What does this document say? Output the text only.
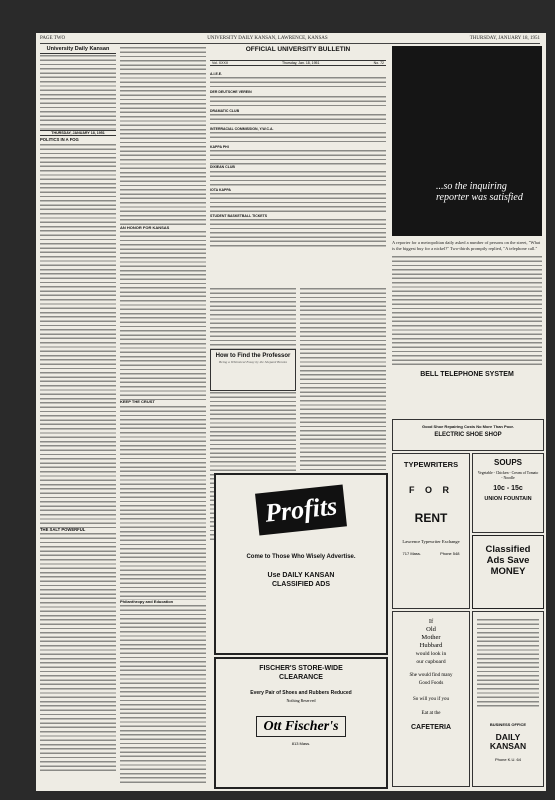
PAGE TWO	UNIVERSITY DAILY KANSAN, LAWRENCE, KANSAS	THURSDAY, JANUARY 18, 1951
University Daily Kansan
THURSDAY, JANUARY 18, 1951
POLITICS IN A FOG
THE SALT POWERFUL
AN HONOR FOR KANSAS
KEEP THE CRUST
Philanthropy and Education
OFFICIAL UNIVERSITY BULLETIN
Vol. XXXII	Thursday, Jan. 18, 1951	No. 72
A.I.E.E.
DER DEUTSCHE VEREIN
DRAMATIC CLUB
INTERRACIAL COMMISSION, Y.W.C.A.
KAPPA PHI
DIXIEAN CLUB
IOTA KAPPA
STUDENT BASKETBALL TICKETS
How to Find the Professor
Being a Whimsical Essay by the Shepard Brooks
Profits
Come to Those Who Wisely Advertise.
Use DAILY KANSAN CLASSIFIED ADS
FISCHER'S STORE-WIDE CLEARANCE
Every Pair of Shoes and Rubbers Reduced
Nothing Reserved
Ott Fischer's
813 Mass.
...so the inquiring reporter was satisfied
A reporter for a metropolitan daily asked a number of persons on the street, "What is the biggest buy for a nickel?" Two-thirds promptly replied, "A telephone call."
BELL TELEPHONE SYSTEM
Good Shoe Repairing Costs No More Than Poor.
ELECTRIC SHOE SHOP
TYPEWRITERS
F O R
RENT
Lawrence Typewriter Exchange
717 Mass.	Phone 548
SOUPS
Vegetable - Chicken - Cream of Tomato - Noodle
10c - 15c
UNION FOUNTAIN
Classified Ads Save MONEY
If
Old
Mother
Hubbard
would look in
our cupboard
She would find many
Good Foods
So will you if you
Eat at the
CAFETERIA	BUSINESS OFFICE
DAILY KANSAN
Phone K.U. 64
